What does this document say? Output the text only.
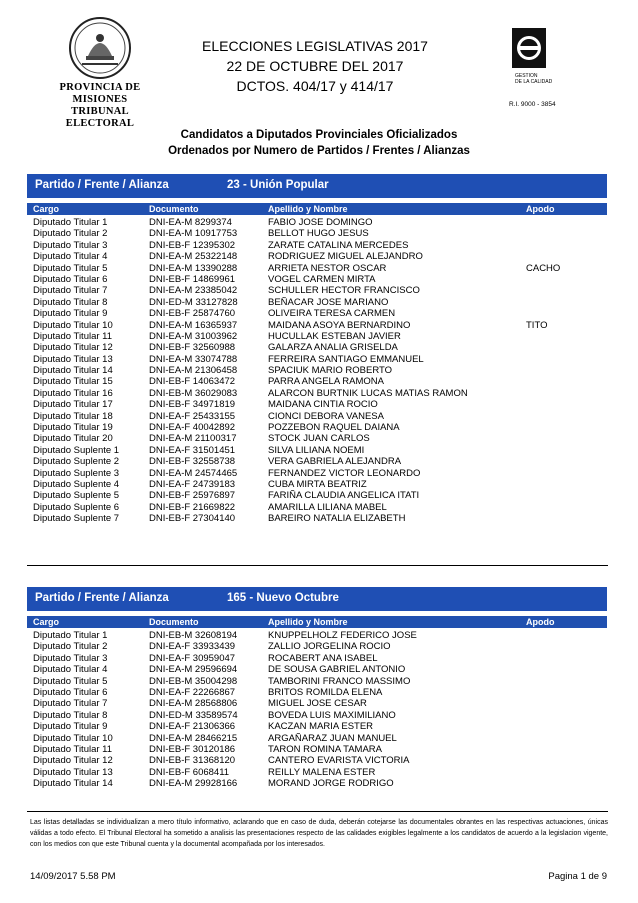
PROVINCIA DE MISIONES
TRIBUNAL ELECTORAL
ELECCIONES LEGISLATIVAS 2017
22 DE OCTUBRE DEL 2017
DCTOS. 404/17 y 414/17
GESTION
DE LA CALIDAD
R.I. 9000 - 3854
Candidatos a Diputados Provinciales Oficializados
Ordenados por Numero de Partidos / Frentes / Alianzas
Partido / Frente / Alianza	23 - Unión Popular
Cargo	Documento	Apellido y Nombre	Apodo
Diputado Titular 1	DNI-EA-M 8299374	FABIO JOSE DOMINGO
Diputado Titular 2	DNI-EA-M 10917753	BELLOT HUGO JESUS
Diputado Titular 3	DNI-EB-F 12395302	ZARATE CATALINA MERCEDES
Diputado Titular 4	DNI-EA-M 25322148	RODRIGUEZ MIGUEL ALEJANDRO
Diputado Titular 5	DNI-EA-M 13390288	ARRIETA NESTOR OSCAR	CACHO
Diputado Titular 6	DNI-EB-F 14869961	VOGEL CARMEN MIRTA
Diputado Titular 7	DNI-EA-M 23385042	SCHULLER HECTOR FRANCISCO
Diputado Titular 8	DNI-ED-M 33127828	BEÑACAR JOSE MARIANO
Diputado Titular 9	DNI-EB-F 25874760	OLIVEIRA TERESA CARMEN
Diputado Titular 10	DNI-EA-M 16365937	MAIDANA ASOYA BERNARDINO	TITO
Diputado Titular 11	DNI-EA-M 31003962	HUCULLAK ESTEBAN JAVIER
Diputado Titular 12	DNI-EB-F 32560988	GALARZA ANALIA GRISELDA
Diputado Titular 13	DNI-EA-M 33074788	FERREIRA SANTIAGO EMMANUEL
Diputado Titular 14	DNI-EA-M 21306458	SPACIUK MARIO ROBERTO
Diputado Titular 15	DNI-EB-F 14063472	PARRA ANGELA RAMONA
Diputado Titular 16	DNI-EB-M 36029083	ALARCON BURTNIK LUCAS MATIAS RAMON
Diputado Titular 17	DNI-EB-F 34971819	MAIDANA CINTIA ROCIO
Diputado Titular 18	DNI-EA-F 25433155	CIONCI DEBORA VANESA
Diputado Titular 19	DNI-EA-F 40042892	POZZEBON RAQUEL DAIANA
Diputado Titular 20	DNI-EA-M 21100317	STOCK JUAN CARLOS
Diputado Suplente 1	DNI-EA-F 31501451	SILVA LILIANA NOEMI
Diputado Suplente 2	DNI-EB-F 32558738	VERA GABRIELA ALEJANDRA
Diputado Suplente 3	DNI-EA-M 24574465	FERNANDEZ VICTOR LEONARDO
Diputado Suplente 4	DNI-EA-F 24739183	CUBA MIRTA BEATRIZ
Diputado Suplente 5	DNI-EB-F 25976897	FARIÑA CLAUDIA ANGELICA ITATI
Diputado Suplente 6	DNI-EB-F 21669822	AMARILLA LILIANA MABEL
Diputado Suplente 7	DNI-EB-F 27304140	BAREIRO NATALIA ELIZABETH
Partido / Frente / Alianza	165 - Nuevo Octubre
Cargo	Documento	Apellido y Nombre	Apodo
Diputado Titular 1	DNI-EB-M 32608194	KNUPPELHOLZ FEDERICO JOSE
Diputado Titular 2	DNI-EA-F 33933439	ZALLIO JORGELINA ROCIO
Diputado Titular 3	DNI-EA-F 30959047	ROCABERT ANA ISABEL
Diputado Titular 4	DNI-EA-M 29596694	DE SOUSA GABRIEL ANTONIO
Diputado Titular 5	DNI-EB-M 35004298	TAMBORINI FRANCO MASSIMO
Diputado Titular 6	DNI-EA-F 22266867	BRITOS ROMILDA ELENA
Diputado Titular 7	DNI-EA-M 28568806	MIGUEL JOSE CESAR
Diputado Titular 8	DNI-ED-M 33589574	BOVEDA LUIS MAXIMILIANO
Diputado Titular 9	DNI-EA-F 21306366	KACZAN MARIA ESTER
Diputado Titular 10	DNI-EA-M 28466215	ARGAÑARAZ JUAN MANUEL
Diputado Titular 11	DNI-EB-F 30120186	TARON ROMINA TAMARA
Diputado Titular 12	DNI-EB-F 31368120	CANTERO EVARISTA VICTORIA
Diputado Titular 13	DNI-EB-F 6068411	REILLY MALENA ESTER
Diputado Titular 14	DNI-EA-M 29928166	MORAND JORGE RODRIGO
Las listas detalladas se individualizan a mero título informativo, aclarando que en caso de duda, deberán cotejarse las documentales obrantes en las respectivas actuaciones, únicas válidas a todo efecto. El Tribunal Electoral ha sometido a analisis las presentaciones respecto de las calidades exigibles legalmente a los candidatos de acuerdo a la legislacion vigente, con los medios con que este Tribunal cuenta y la documental acompañada por los interesados.
14/09/2017 5.58 PM	Pagina 1 de 9
